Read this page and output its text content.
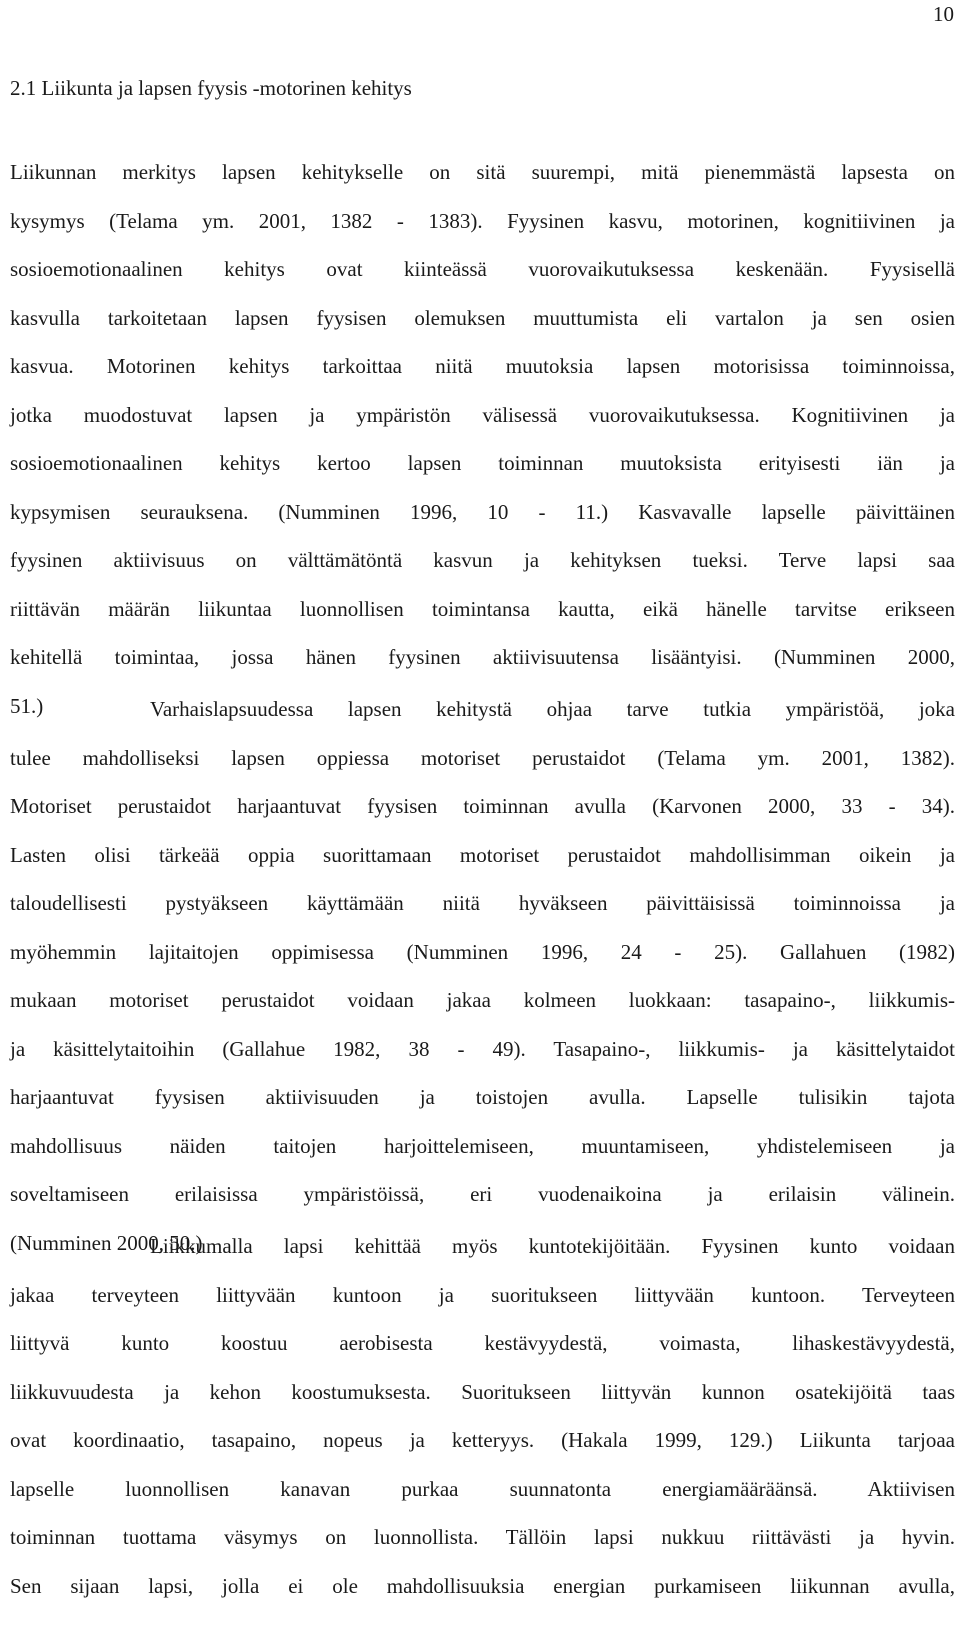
10
2.1 Liikunta ja lapsen fyysis -motorinen kehitys
Liikunnan merkitys lapsen kehitykselle on sitä suurempi, mitä pienemmästä lapsesta on
kysymys (Telama ym. 2001, 1382 - 1383). Fyysinen kasvu, motorinen, kognitiivinen ja
sosioemotionaalinen kehitys ovat kiinteässä vuorovaikutuksessa keskenään. Fyysisellä
kasvulla tarkoitetaan lapsen fyysisen olemuksen muuttumista eli vartalon ja sen osien
kasvua. Motorinen kehitys tarkoittaa niitä muutoksia lapsen motorisissa toiminnoissa,
jotka muodostuvat lapsen ja ympäristön välisessä vuorovaikutuksessa. Kognitiivinen ja
sosioemotionaalinen kehitys kertoo lapsen toiminnan muutoksista erityisesti iän ja
kypsymisen seurauksena. (Numminen 1996, 10 - 11.) Kasvavalle lapselle päivittäinen
fyysinen aktiivisuus on välttämätöntä kasvun ja kehityksen tueksi. Terve lapsi saa
riittävän määrän liikuntaa luonnollisen toimintansa kautta, eikä hänelle tarvitse erikseen
kehitellä toimintaa, jossa hänen fyysinen aktiivisuutensa lisääntyisi. (Numminen 2000,
51.)	Varhaislapsuudessa lapsen kehitystä ohjaa tarve tutkia ympäristöä, joka
tulee mahdolliseksi lapsen oppiessa motoriset perustaidot (Telama ym. 2001, 1382).
Motoriset perustaidot harjaantuvat fyysisen toiminnan avulla (Karvonen 2000, 33 - 34).
Lasten olisi tärkeää oppia suorittamaan motoriset perustaidot mahdollisimman oikein ja
taloudellisesti pystyäkseen käyttämään niitä hyväkseen päivittäisissä toiminnoissa ja
myöhemmin lajitaitojen oppimisessa (Numminen 1996, 24 - 25). Gallahuen (1982)
mukaan motoriset perustaidot voidaan jakaa kolmeen luokkaan: tasapaino-, liikkumis-
ja käsittelytaitoihin (Gallahue 1982, 38 - 49). Tasapaino-, liikkumis- ja käsittelytaidot
harjaantuvat fyysisen aktiivisuuden ja toistojen avulla. Lapselle tulisikin tajota
mahdollisuus näiden taitojen harjoittelemiseen, muuntamiseen, yhdistelemiseen ja
soveltamiseen erilaisissa ympäristöissä, eri vuodenaikoina ja erilaisin välinein.
(Numminen 2000, 50.)
Liikkumalla lapsi kehittää myös kuntotekijöitään. Fyysinen kunto voidaan
jakaa terveyteen liittyvään kuntoon ja suoritukseen liittyvään kuntoon. Terveyteen
liittyvä kunto koostuu aerobisesta kestävyydestä, voimasta, lihaskestävyydestä,
liikkuvuudesta ja kehon koostumuksesta. Suoritukseen liittyvän kunnon osatekijöitä taas
ovat koordinaatio, tasapaino, nopeus ja ketteryys. (Hakala 1999, 129.) Liikunta tarjoaa
lapselle luonnollisen kanavan purkaa suunnatonta energiamääräänsä. Aktiivisen
toiminnan tuottama väsymys on luonnollista. Tällöin lapsi nukkuu riittävästi ja hyvin.
Sen sijaan lapsi, jolla ei ole mahdollisuuksia energian purkamiseen liikunnan avulla,
